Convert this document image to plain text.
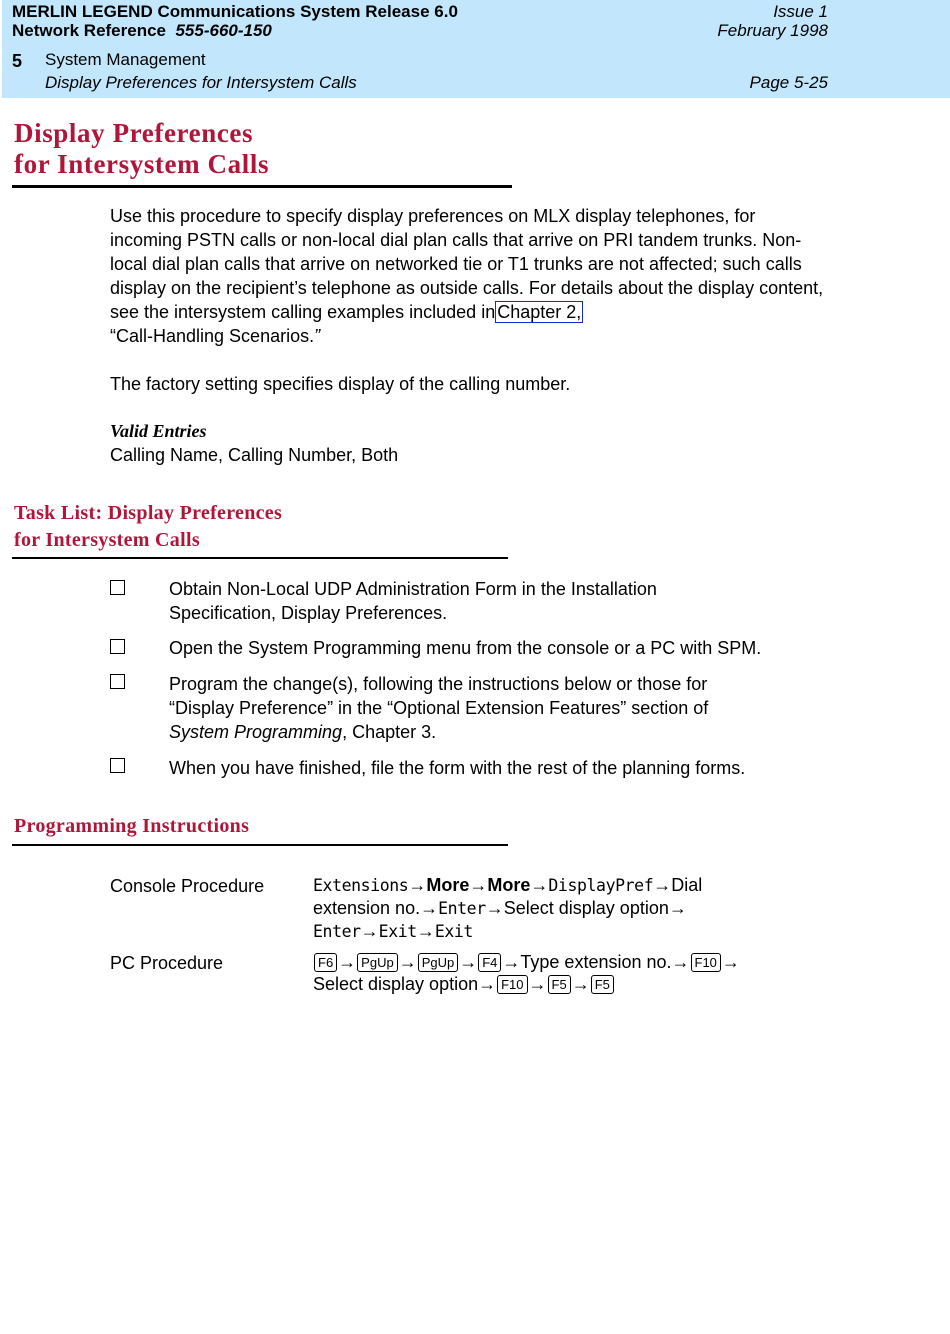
MERLIN LEGEND Communications System Release 6.0
Network Reference 555-660-150
Issue 1
February 1998
5 System Management
Display Preferences for Intersystem Calls	Page 5-25
Display Preferences
for Intersystem Calls
Use this procedure to specify display preferences on MLX display telephones, for incoming PSTN calls or non-local dial plan calls that arrive on PRI tandem trunks. Non-local dial plan calls that arrive on networked tie or T1 trunks are not affected; such calls display on the recipient’s telephone as outside calls. For details about the display content, see the intersystem calling examples included in Chapter 2,
“Call-Handling Scenarios.”
The factory setting specifies display of the calling number.
Valid Entries
Calling Name, Calling Number, Both
Task List: Display Preferences
for Intersystem Calls
Obtain Non-Local UDP Administration Form in the Installation
Specification, Display Preferences.
Open the System Programming menu from the console or a PC with SPM.
Program the change(s), following the instructions below or those for
“Display Preference” in the “Optional Extension Features” section of
System Programming, Chapter 3.
When you have finished, file the form with the rest of the planning forms.
Programming Instructions
Console Procedure	Extensions→More→More→DisplayPref→Dial
extension no.→Enter→Select display option→
Enter→Exit→Exit
PC Procedure	F6 → PgUp → PgUp → F4 →Type extension no.→ F10 →
Select display option→ F10 → F5 → F5
